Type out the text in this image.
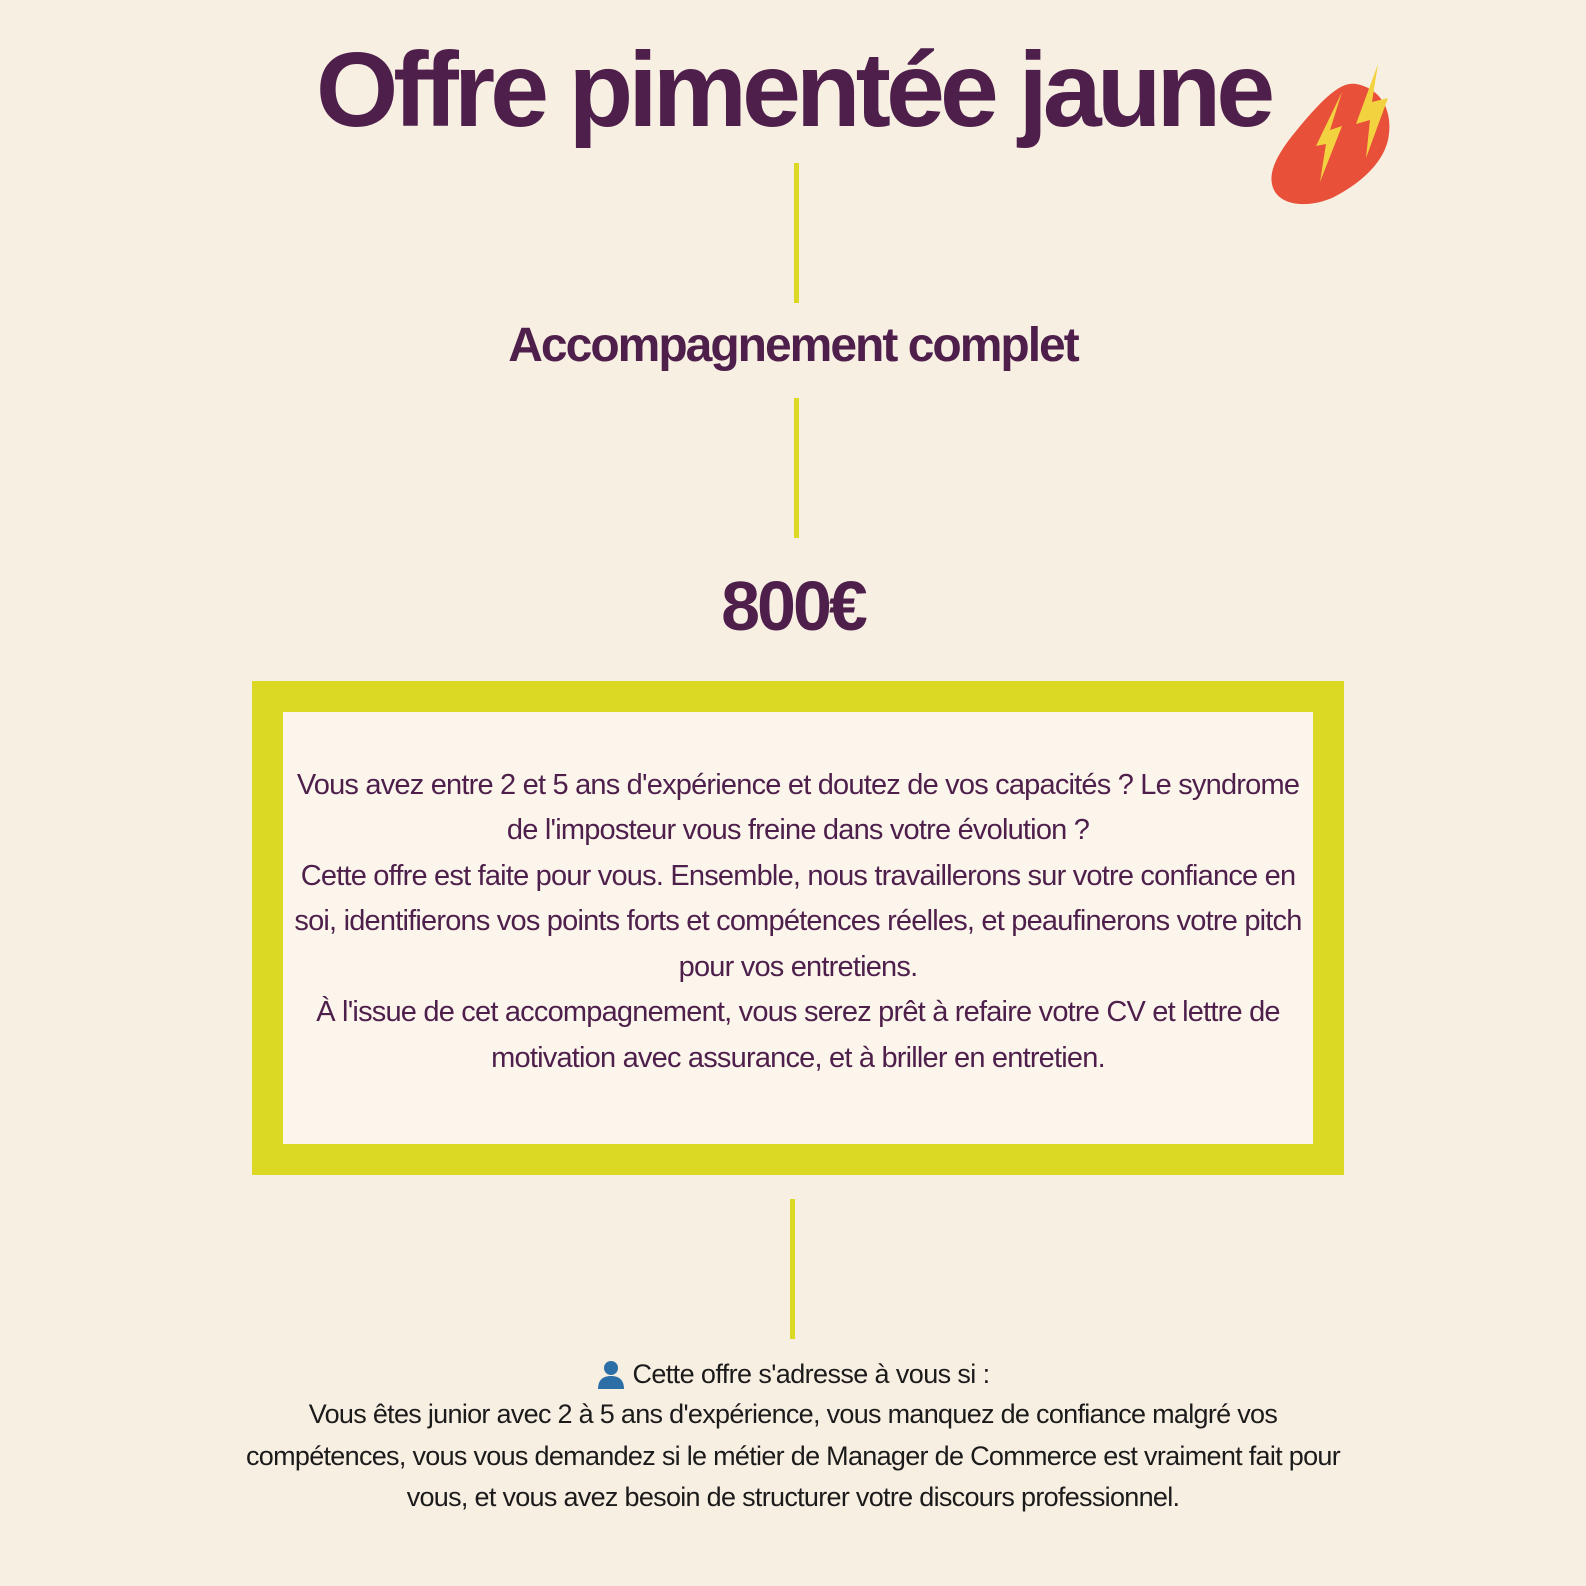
Offre pimentée jaune
Accompagnement complet
800€

Vous avez entre 2 et 5 ans d'expérience et doutez de vos capacités ? Le syndrome de l'imposteur vous freine dans votre évolution ?

Cette offre est faite pour vous. Ensemble, nous travaillerons sur votre confiance en soi, identifierons vos points forts et compétences réelles, et peaufinerons votre pitch pour vos entretiens.

À l'issue de cet accompagnement, vous serez prêt à refaire votre CV et lettre de motivation avec assurance, et à briller en entretien.

Cette offre s'adresse à vous si :

Vous êtes junior avec 2 à 5 ans d'expérience, vous manquez de confiance malgré vos compétences, vous vous demandez si le métier de Manager de Commerce est vraiment fait pour vous, et vous avez besoin de structurer votre discours professionnel.
